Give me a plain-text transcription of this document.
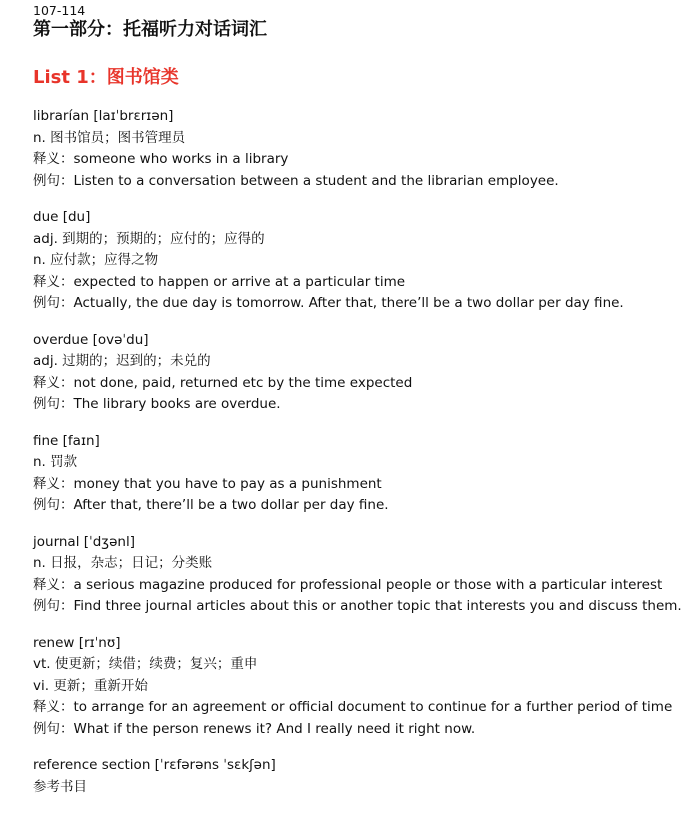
107-114
第一部分：托福听力对话词汇
List 1：图书馆类
librarían [laɪˈbrɛrɪən]
n. 图书馆员；图书管理员
释义：someone who works in a library
例句：Listen to a conversation between a student and the librarian employee.
due [du]
adj. 到期的；预期的；应付的；应得的
n. 应付款；应得之物
释义：expected to happen or arrive at a particular time
例句：Actually, the due day is tomorrow. After that, there’ll be a two dollar per day fine.
overdue [ovəˈdu]
adj. 过期的；迟到的；未兑的
释义：not done, paid, returned etc by the time expected
例句：The library books are overdue.
fine [faɪn]
n. 罚款
释义：money that you have to pay as a punishment
例句：After that, there’ll be a two dollar per day fine.
journal [ˈdʒənl]
n. 日报，杂志；日记；分类账
释义：a serious magazine produced for professional people or those with a particular interest
例句：Find three journal articles about this or another topic that interests you and discuss them.
renew [rɪˈnʊ]
vt. 使更新；续借；续费；复兴；重申
vi. 更新；重新开始
释义：to arrange for an agreement or official document to continue for a further period of time
例句：What if the person renews it? And I really need it right now.
reference section [ˈrɛfərəns ˈsɛkʃən]
参考书目
